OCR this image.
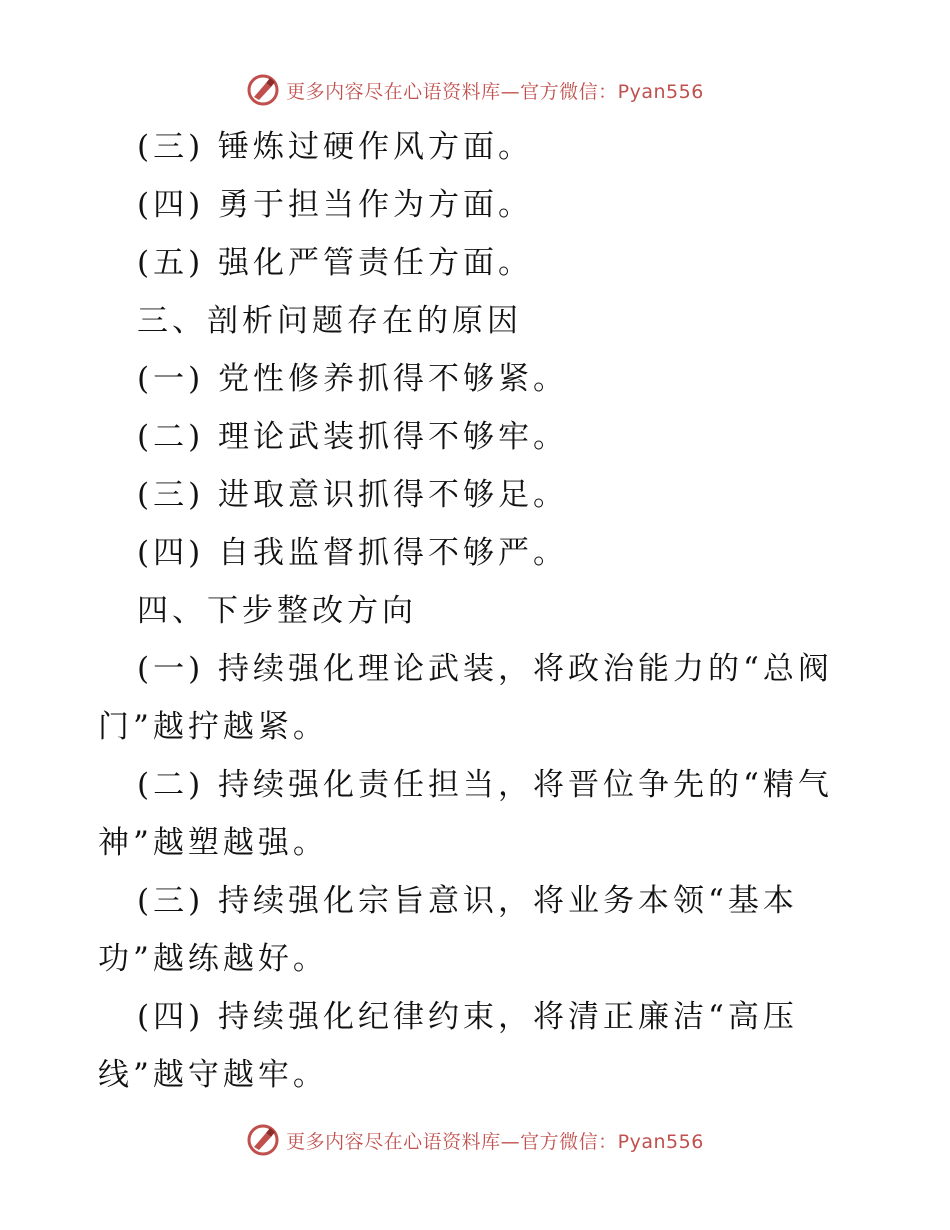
更多内容尽在心语资料库—官方微信：Pyan556

(三) 锤炼过硬作风方面。

(四) 勇于担当作为方面。

(五) 强化严管责任方面。

三、剖析问题存在的原因

(一) 党性修养抓得不够紧。

(二) 理论武装抓得不够牢。

(三) 进取意识抓得不够足。

(四) 自我监督抓得不够严。

四、下步整改方向

(一) 持续强化理论武装，将政治能力的“总阀

门”越拧越紧。

(二) 持续强化责任担当，将晋位争先的“精气

神”越塑越强。

(三) 持续强化宗旨意识，将业务本领“基本

功”越练越好。

(四) 持续强化纪律约束，将清正廉洁“高压

线”越守越牢。

更多内容尽在心语资料库—官方微信：Pyan556
